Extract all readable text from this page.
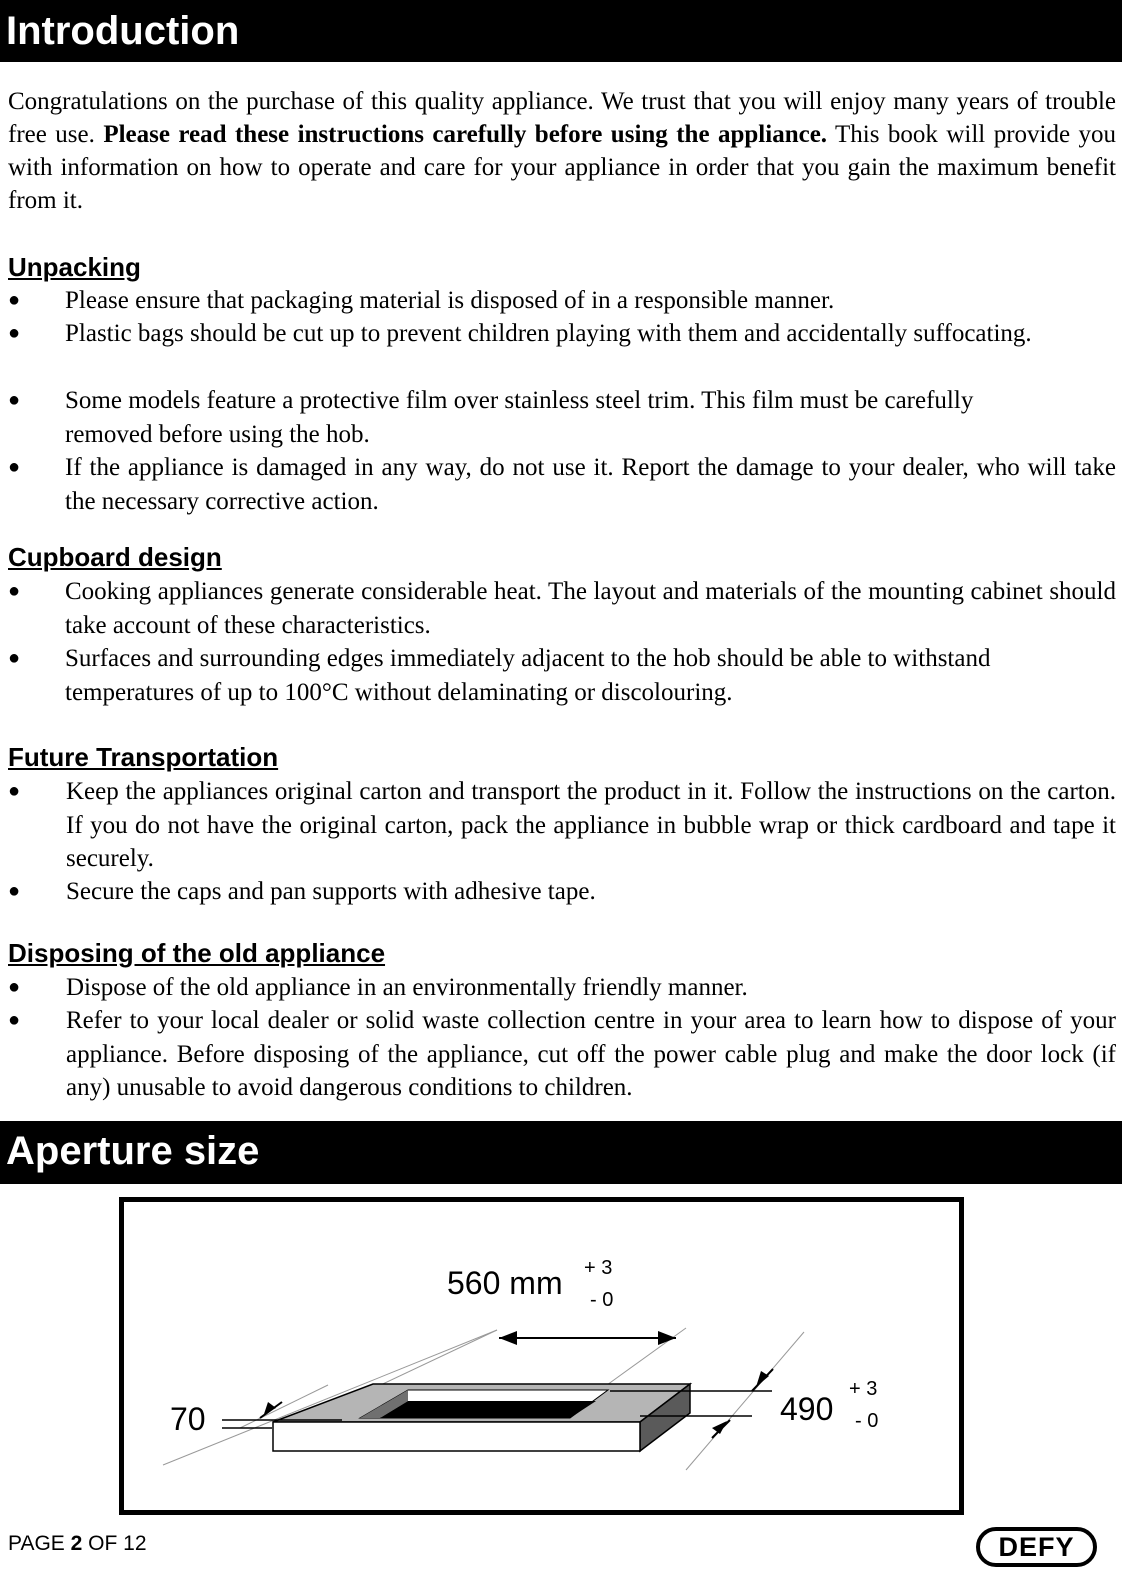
Introduction

Congratulations on the purchase of this quality appliance. We trust that you will enjoy many years of trouble free use. Please read these instructions carefully before using the appliance. This book will provide you with information on how to operate and care for your appliance in order that you gain the maximum benefit from it.

Unpacking
● Please ensure that packaging material is disposed of in a responsible manner.
● Plastic bags should be cut up to prevent children playing with them and accidentally suffocating.
● Some models feature a protective film over stainless steel trim. This film must be carefully removed before using the hob.
● If the appliance is damaged in any way, do not use it. Report the damage to your dealer, who will take the necessary corrective action.
Cupboard design
● Cooking appliances generate considerable heat. The layout and materials of the mounting cabinet should take account of these characteristics.
● Surfaces and surrounding edges immediately adjacent to the hob should be able to withstand temperatures of up to 100°C without delaminating or discolouring.
Future Transportation
● Keep the appliances original carton and transport the product in it. Follow the instructions on the carton. If you do not have the original carton, pack the appliance in bubble wrap or thick cardboard and tape it securely.
● Secure the caps and pan supports with adhesive tape.
Disposing of the old appliance
● Dispose of the old appliance in an environmentally friendly manner.
● Refer to your local dealer or solid waste collection centre in your area to learn how to dispose of your appliance. Before disposing of the appliance, cut off the power cable plug and make the door lock (if any) unusable to avoid dangerous conditions to children.
Aperture size
560 mm + 3
- 0
490
+ 3
- 0
70
PAGE 2 OF 12	DEFY
